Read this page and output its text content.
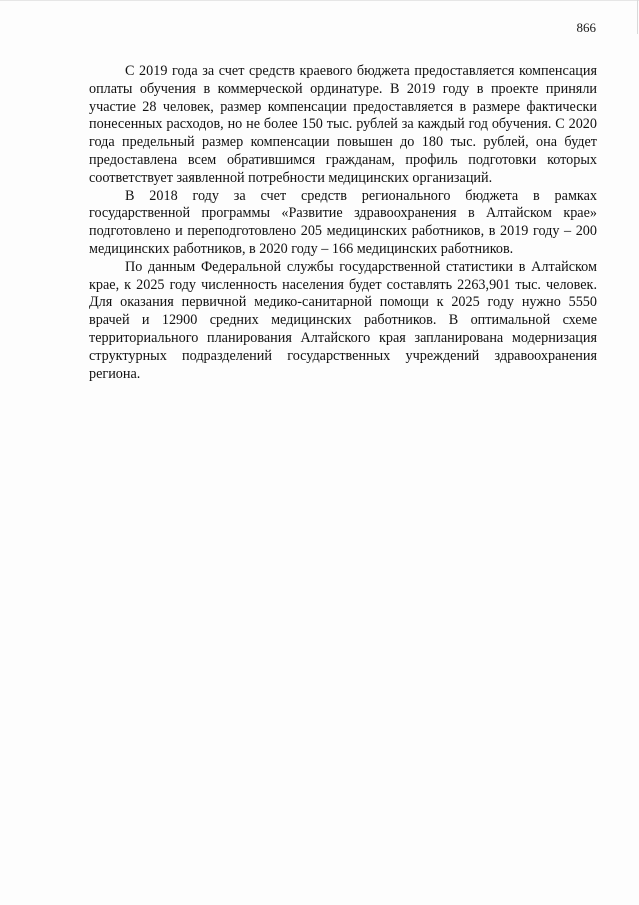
866

С 2019 года за счет средств краевого бюджета предоставляется компенсация оплаты обучения в коммерческой ординатуре. В 2019 году в проекте приняли участие 28 человек, размер компенсации предоставляется в размере фактически понесенных расходов, но не более 150 тыс. рублей за каждый год обучения. С 2020 года предельный размер компенсации повышен до 180 тыс. рублей, она будет предоставлена всем обратившимся гражданам, профиль подготовки которых соответствует заявленной потребности медицинских организаций.

В 2018 году за счет средств регионального бюджета в рамках государственной программы «Развитие здравоохранения в Алтайском крае» подготовлено и переподготовлено 205 медицинских работников, в 2019 году – 200 медицинских работников, в 2020 году – 166 медицинских работников.

По данным Федеральной службы государственной статистики в Алтайском крае, к 2025 году численность населения будет составлять 2263,901 тыс. человек. Для оказания первичной медико-санитарной помощи к 2025 году нужно 5550 врачей и 12900 средних медицинских работников. В оптимальной схеме территориального планирования Алтайского края запланирована модернизация структурных подразделений государственных учреждений здравоохранения региона.
